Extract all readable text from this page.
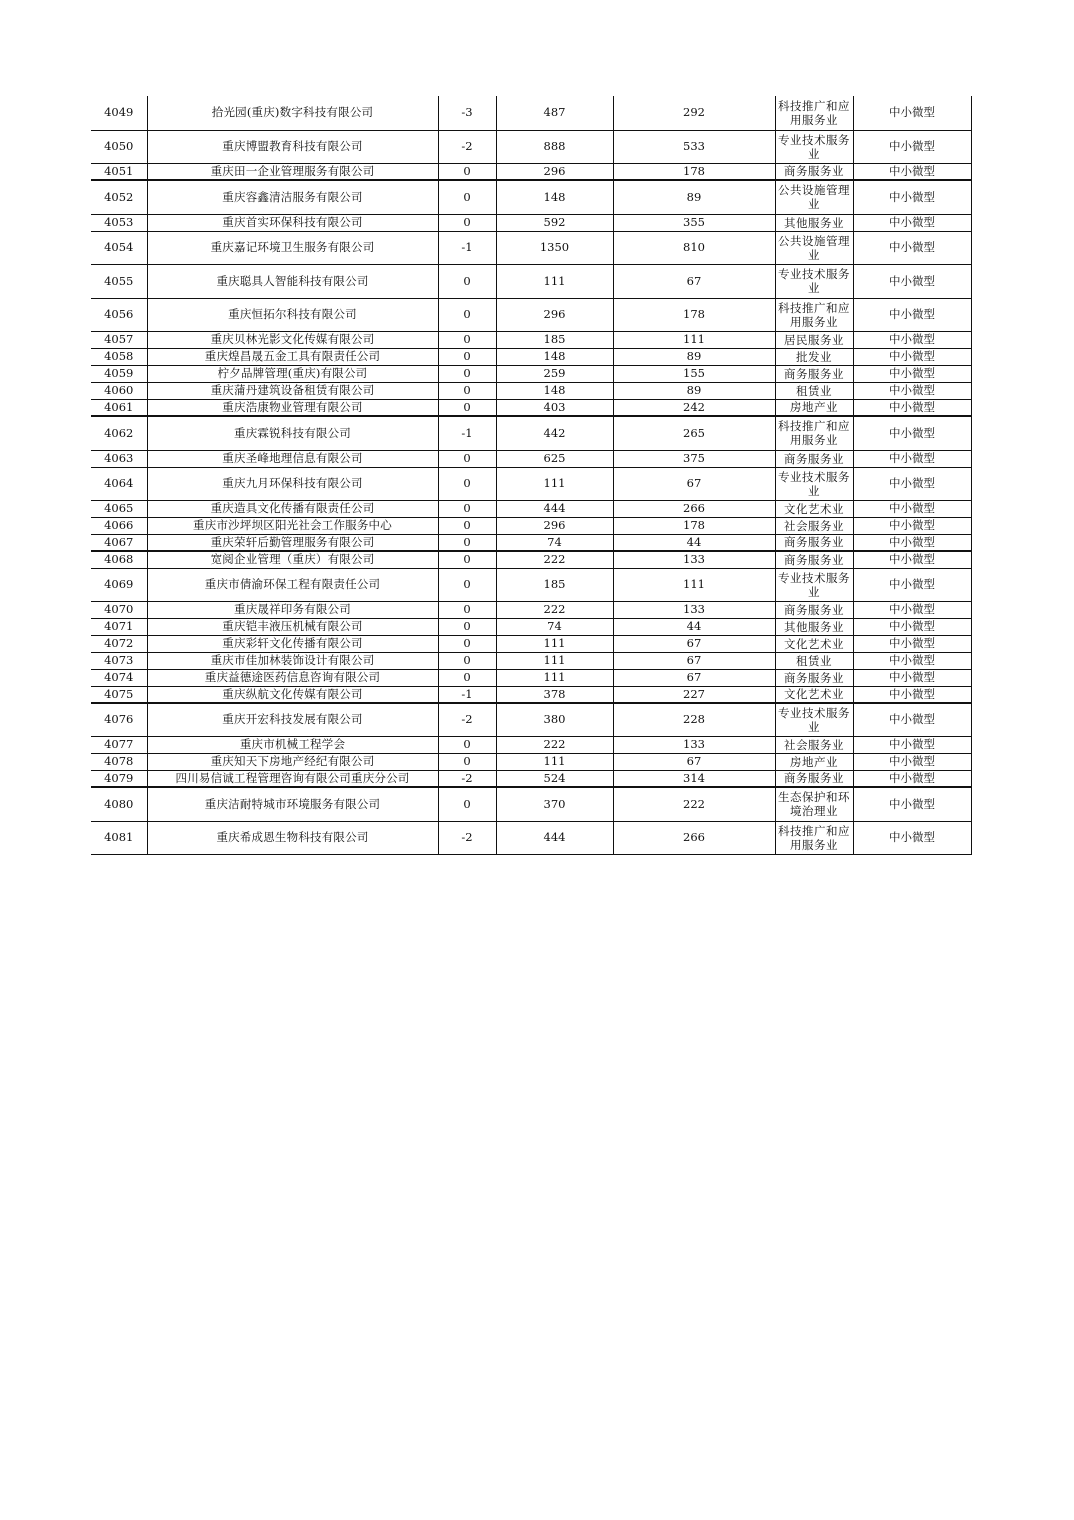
4049	拾光园(重庆)数字科技有限公司	-3	487	292	科技推广和应用服务业	中小微型
4050	重庆博盟教育科技有限公司	-2	888	533	专业技术服务业	中小微型
4051	重庆田一企业管理服务有限公司	0	296	178	商务服务业	中小微型
4052	重庆容鑫清洁服务有限公司	0	148	89	公共设施管理业	中小微型
4053	重庆首实环保科技有限公司	0	592	355	其他服务业	中小微型
4054	重庆嘉记环境卫生服务有限公司	-1	1350	810	公共设施管理业	中小微型
4055	重庆聪具人智能科技有限公司	0	111	67	专业技术服务业	中小微型
4056	重庆恒拓尔科技有限公司	0	296	178	科技推广和应用服务业	中小微型
4057	重庆贝林光影文化传媒有限公司	0	185	111	居民服务业	中小微型
4058	重庆煌昌晟五金工具有限责任公司	0	148	89	批发业	中小微型
4059	柠夕品牌管理(重庆)有限公司	0	259	155	商务服务业	中小微型
4060	重庆蒲丹建筑设备租赁有限公司	0	148	89	租赁业	中小微型
4061	重庆浩康物业管理有限公司	0	403	242	房地产业	中小微型
4062	重庆霖锐科技有限公司	-1	442	265	科技推广和应用服务业	中小微型
4063	重庆圣峰地理信息有限公司	0	625	375	商务服务业	中小微型
4064	重庆九月环保科技有限公司	0	111	67	专业技术服务业	中小微型
4065	重庆造具文化传播有限责任公司	0	444	266	文化艺术业	中小微型
4066	重庆市沙坪坝区阳光社会工作服务中心	0	296	178	社会服务业	中小微型
4067	重庆荣轩后勤管理服务有限公司	0	74	44	商务服务业	中小微型
4068	宽阅企业管理（重庆）有限公司	0	222	133	商务服务业	中小微型
4069	重庆市倩渝环保工程有限责任公司	0	185	111	专业技术服务业	中小微型
4070	重庆晟祥印务有限公司	0	222	133	商务服务业	中小微型
4071	重庆铠丰液压机械有限公司	0	74	44	其他服务业	中小微型
4072	重庆彩轩文化传播有限公司	0	111	67	文化艺术业	中小微型
4073	重庆市佳加林装饰设计有限公司	0	111	67	租赁业	中小微型
4074	重庆益德途医药信息咨询有限公司	0	111	67	商务服务业	中小微型
4075	重庆纵航文化传媒有限公司	-1	378	227	文化艺术业	中小微型
4076	重庆开宏科技发展有限公司	-2	380	228	专业技术服务业	中小微型
4077	重庆市机械工程学会	0	222	133	社会服务业	中小微型
4078	重庆知天下房地产经纪有限公司	0	111	67	房地产业	中小微型
4079	四川易信诚工程管理咨询有限公司重庆分公司	-2	524	314	商务服务业	中小微型
4080	重庆洁耐特城市环境服务有限公司	0	370	222	生态保护和环境治理业	中小微型
4081	重庆希成恩生物科技有限公司	-2	444	266	科技推广和应用服务业	中小微型
